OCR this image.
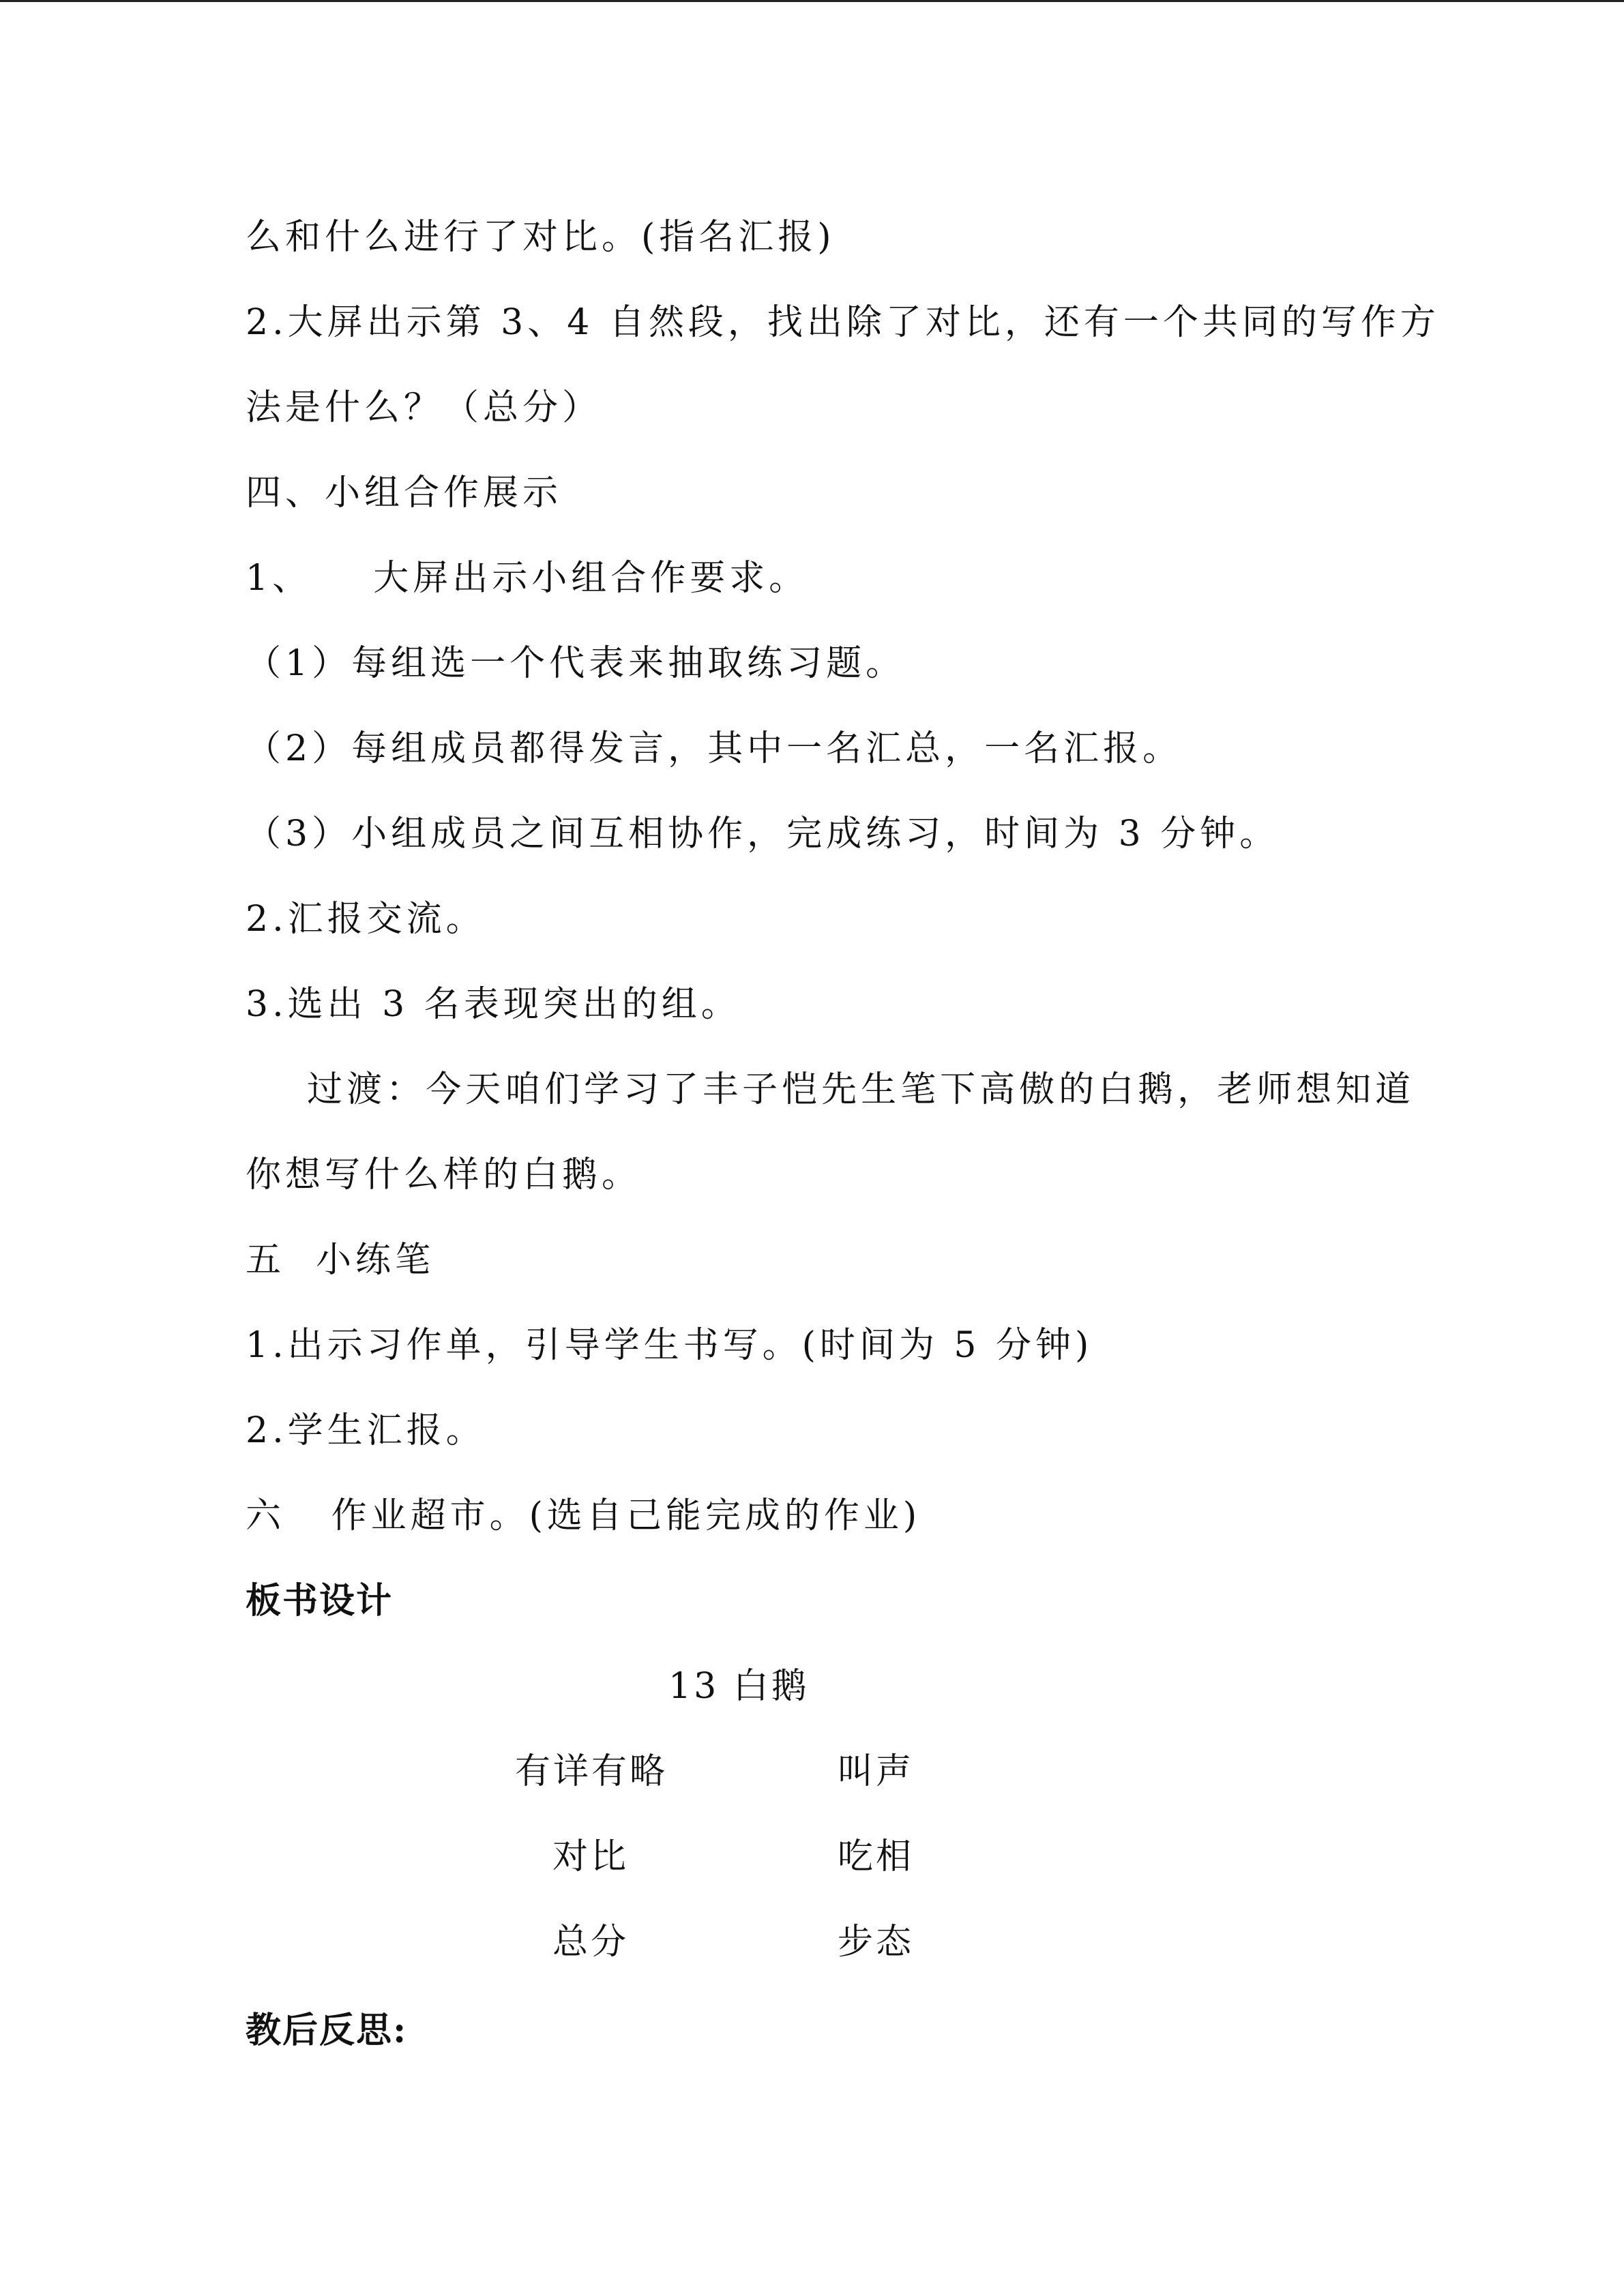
么和什么进行了对比。(指名汇报)
2.大屏出示第 3、4 自然段，找出除了对比，还有一个共同的写作方
法是什么？（总分）
四、小组合作展示
1、    大屏出示小组合作要求。
（1）每组选一个代表来抽取练习题。
（2）每组成员都得发言，其中一名汇总，一名汇报。
（3）小组成员之间互相协作，完成练习，时间为 3 分钟。
2.汇报交流。
3.选出 3 名表现突出的组。
过渡：今天咱们学习了丰子恺先生笔下高傲的白鹅，老师想知道
你想写什么样的白鹅。
五  小练笔
1.出示习作单，引导学生书写。(时间为 5 分钟)
2.学生汇报。
六   作业超市。(选自己能完成的作业)
板书设计
13 白鹅
有详有略	叫声
对比	吃相
总分	步态
教后反思:
